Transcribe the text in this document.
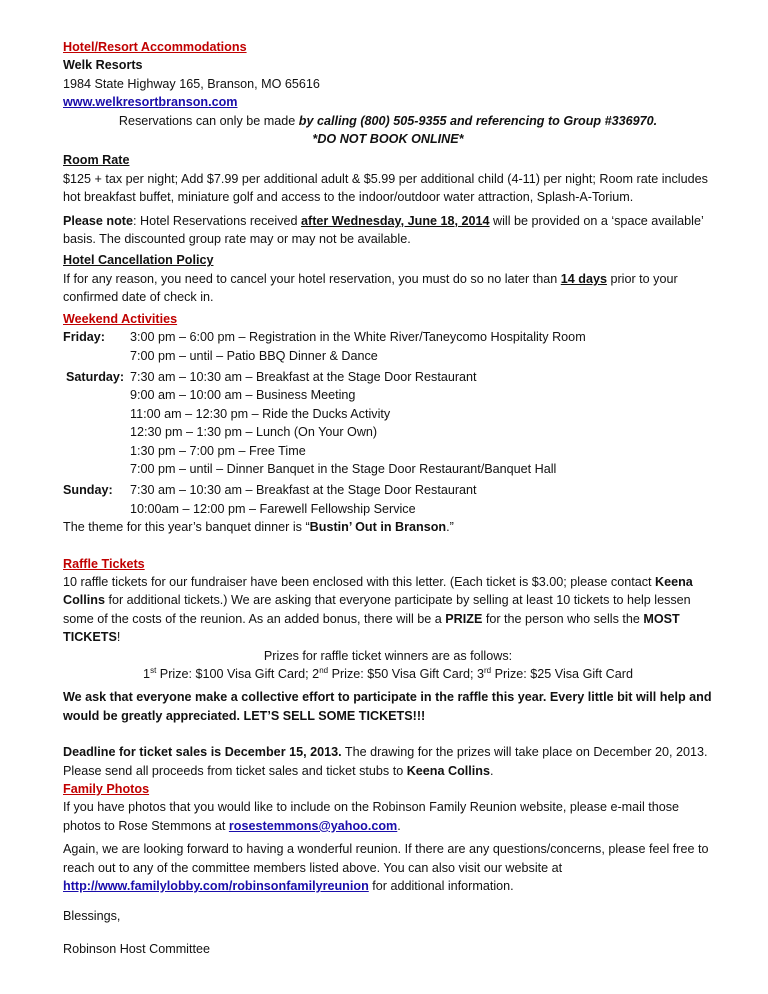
Hotel/Resort Accommodations
Welk Resorts
1984 State Highway 165, Branson, MO 65616
www.welkresortbranson.com

Reservations can only be made by calling (800) 505-9355 and referencing to Group #336970.

*DO NOT BOOK ONLINE*

Room Rate

$125 + tax per night; Add $7.99 per additional adult & $5.99 per additional child (4-11) per night; Room rate includes hot breakfast buffet, miniature golf and access to the indoor/outdoor water attraction, Splash-A-Torium.

Please note: Hotel Reservations received after Wednesday, June 18, 2014 will be provided on a ‘space available’ basis. The discounted group rate may or may not be available.

Hotel Cancellation Policy

If for any reason, you need to cancel your hotel reservation, you must do so no later than 14 days prior to your confirmed date of check in.

Weekend Activities
Friday:	3:00 pm – 6:00 pm – Registration in the White River/Taneycomo Hospitality Room
7:00 pm – until – Patio BBQ Dinner & Dance
Saturday: 7:30 am – 10:30 am – Breakfast at the Stage Door Restaurant
9:00 am – 10:00 am – Business Meeting
11:00 am – 12:30 pm – Ride the Ducks Activity
12:30 pm – 1:30 pm – Lunch (On Your Own)
1:30 pm – 7:00 pm – Free Time
7:00 pm – until – Dinner Banquet in the Stage Door Restaurant/Banquet Hall
Sunday:	7:30 am – 10:30 am – Breakfast at the Stage Door Restaurant
10:00am – 12:00 pm – Farewell Fellowship Service

The theme for this year’s banquet dinner is “Bustin’ Out in Branson.”

Raffle Tickets

10 raffle tickets for our fundraiser have been enclosed with this letter. (Each ticket is $3.00; please contact Keena Collins for additional tickets.) We are asking that everyone participate by selling at least 10 tickets to help lessen some of the costs of the reunion. As an added bonus, there will be a PRIZE for the person who sells the MOST TICKETS!

Prizes for raffle ticket winners are as follows:

1st Prize: $100 Visa Gift Card; 2nd Prize: $50 Visa Gift Card; 3rd Prize: $25 Visa Gift Card

We ask that everyone make a collective effort to participate in the raffle this year. Every little bit will help and would be greatly appreciated. LET’S SELL SOME TICKETS!!!

Deadline for ticket sales is December 15, 2013. The drawing for the prizes will take place on December 20, 2013. Please send all proceeds from ticket sales and ticket stubs to Keena Collins.

Family Photos

If you have photos that you would like to include on the Robinson Family Reunion website, please e-mail those photos to Rose Stemmons at rosestemmons@yahoo.com.

Again, we are looking forward to having a wonderful reunion. If there are any questions/concerns, please feel free to reach out to any of the committee members listed above. You can also visit our website at http://www.familylobby.com/robinsonfamilyreunion for additional information.

Blessings,

Robinson Host Committee
